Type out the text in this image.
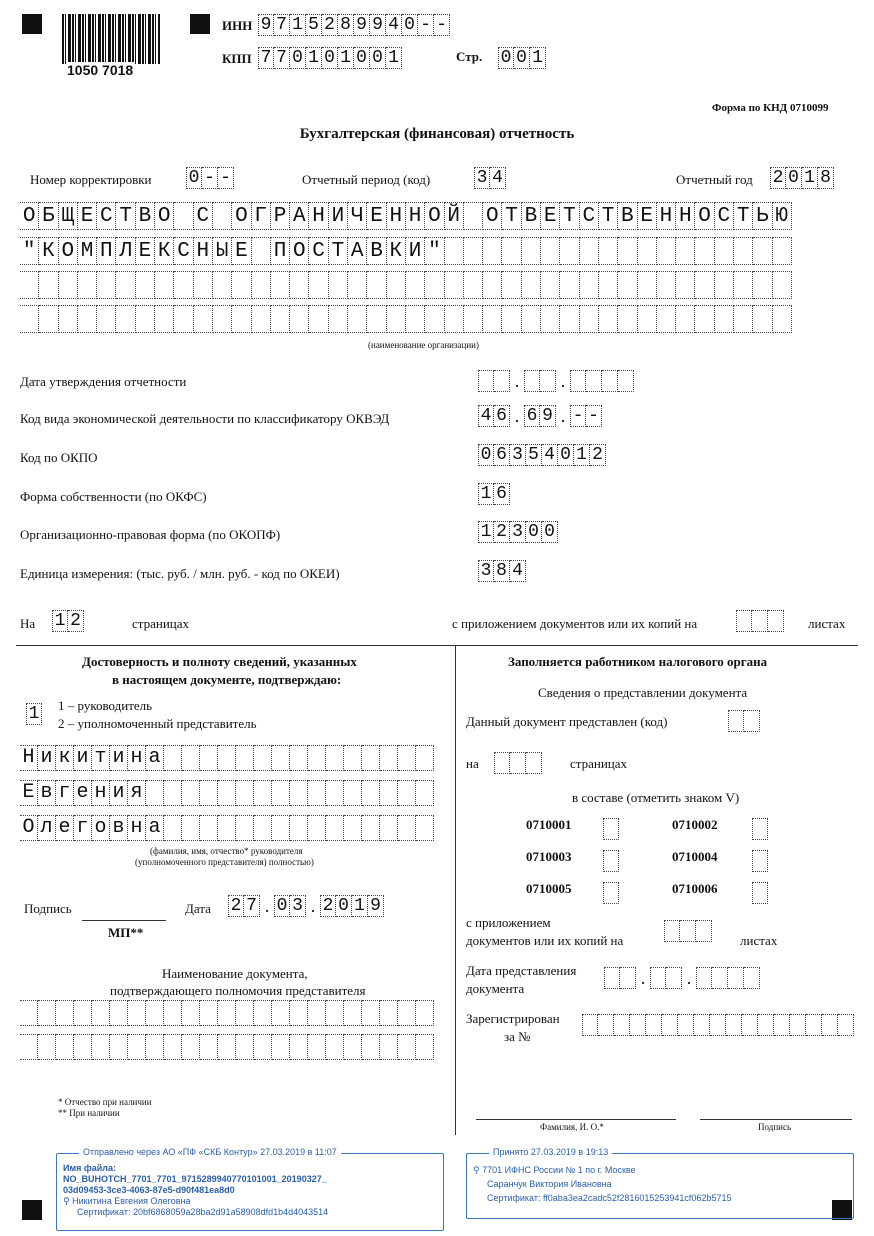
1050 7018
ИНН 9 7 1 5 2 8 9 9 4 0 - -
КПП 7 7 0 1 0 1 0 0 1	Стр. 0 0 1
Форма по КНД 0710099
Бухгалтерская (финансовая) отчетность
Номер корректировки 0 - -	Отчетный период (код)	3 4	Отчетный год 2 0 1 8
О Б Щ Е С Т В О С О Г Р А Н И Ч Е Н Н О Й О Т В Е Т С Т В Е Н Н О С Т Ь Ю
" К О М П Л Е К С Н Ы Е П О С Т А В К И "
(наименование организации)
Дата утверждения отчетности	. .
Код вида экономической деятельности по классификатору ОКВЭД	4 6 . 6 9 . - -
Код по ОКПО	0 6 3 5 4 0 1 2
Форма собственности (по ОКФС)	1 6
Организационно-правовая форма (по ОКОПФ)	1 2 3 0 0
Единица измерения: (тыс. руб. / млн. руб. - код по ОКЕИ)	3 8 4
На 1 2	страницах	с приложением документов или их копий на	листах
Достоверность и полноту сведений, указанных
в настоящем документе, подтверждаю:
1 1 – руководитель
2 – уполномоченный представитель
Н и к и т и н а
Е в г е н и я
О л е г о в н а
(фамилия, имя, отчество* руководителя
(уполномоченного представителя) полностью)
Подпись
МП**
Дата 2 7 . 0 3 . 2 0 1 9
Наименование документа,
подтверждающего полномочия представителя
* Отчество при наличии
** При наличии
Заполняется работником налогового органа
Сведения о представлении документа
Данный документ представлен (код)
на	страницах
в составе (отметить знаком V)
0710001	0710002
0710003	0710004
0710005	0710006
с приложением
документов или их копий на	листах
Дата представления
документа
. .
Зарегистрирован
за №
Фамилия, И. О.*	Подпись
Отправлено через АО «ПФ «СКБ Контур» 27.03.2019 в 11:07
Имя файла:
NO_BUHOTCH_7701_7701_9715289940770101001_20190327_
03d09453-3ce3-4063-87e5-d90f481ea8d0
⚲ Никитина Евгения Олеговна
Сертификат: 20bf6868059a28ba2d91a58908dfd1b4d4043514
Принято 27.03.2019 в 19:13
⚲ 7701 ИФНС России № 1 по г. Москве
Саранчук Виктория Ивановна
Сертификат: ff0aba3ea2cadc52f2816015253941cf062b5715
